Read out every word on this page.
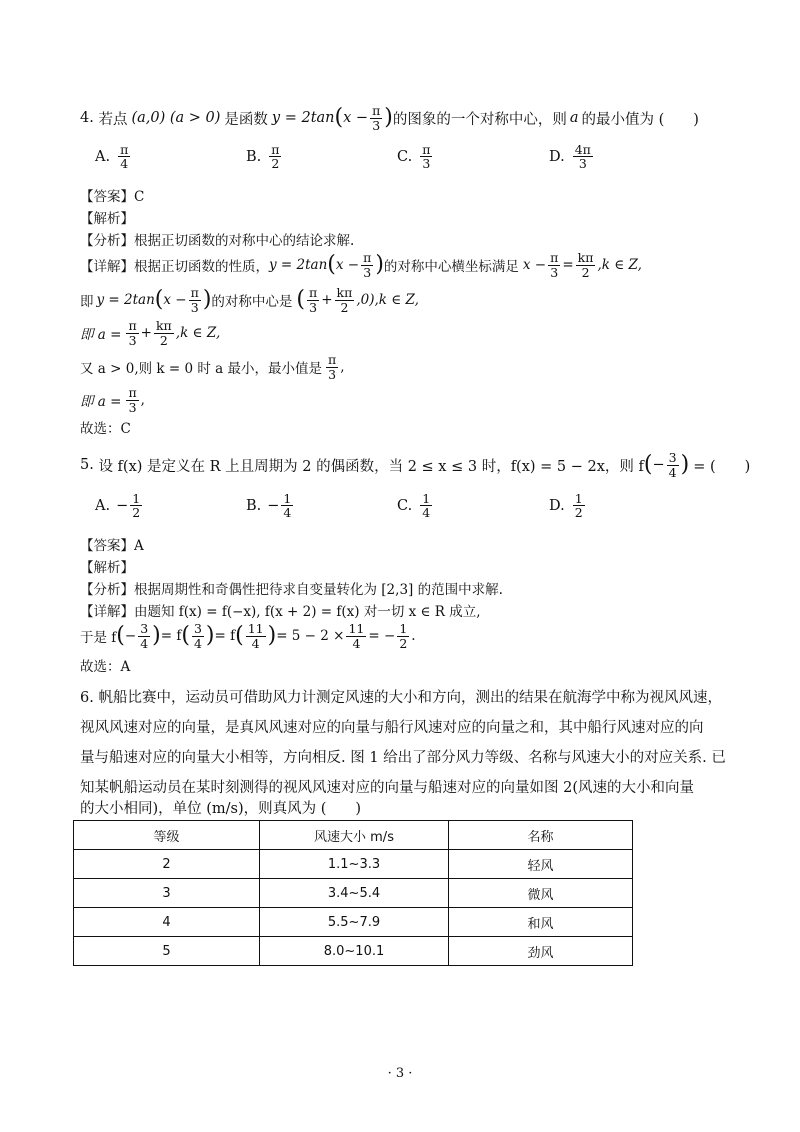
4.
若点 (a,0) (a > 0) 是函数 y = 2tan ( $x - \frac{\pi}{3}$ ) 的图象的一个对称中心，则 a 的最小值为 (　　)
A. $\frac{\pi}{4}$	B. $\frac{\pi}{2}$	C. $\frac{\pi}{3}$	D. $\frac{4\pi}{3}$
【答案】C
【解析】
【分析】根据正切函数的对称中心的结论求解.
【详解】根据正切函数的性质， y = 2tan ( $x - \frac{\pi}{3}$ ) 的对称中心横坐标满足 $x - \frac{\pi}{3} = \frac{k\pi}{2} ,k$ ∈ Z,
即 y = 2tan ( $x - \frac{\pi}{3}$ ) 的对称中心是 ( $\frac{\pi}{3} + \frac{k\pi}{2} ,0),k$ ∈ Z,
即 $a = \frac{\pi}{3} + \frac{k\pi}{2} ,k$ ∈ Z,
又 a > 0,则 k = 0 时 a 最小，最小值是 $\frac{\pi}{3}$ ,
即 $a = \frac{\pi}{3}$ ,
故选：C
5.
设 f(x) 是定义在 R 上且周期为 2 的偶函数，当 2 ≤ x ≤ 3 时，f(x) = 5 − 2x，则 f ( − $\frac{3}{4}$ ) = (　　)
A. − $\frac{1}{2}$	B. − $\frac{1}{4}$	C. $\frac{1}{4}$	D. $\frac{1}{2}$
【答案】A
【解析】
【分析】根据周期性和奇偶性把待求自变量转化为 [2,3] 的范围中求解.
【详解】由题知 f(x) = f(−x), f(x + 2) = f(x) 对一切 x ∈ R 成立,
于是 f ( − $\frac{3}{4}$ ) = f ( $\frac{3}{4}$ ) = f ( $\frac{11}{4}$ ) = $5 - 2 \times \frac{11}{4}$ = − $\frac{1}{2}$ .
故选：A
6. 帆船比赛中，运动员可借助风力计测定风速的大小和方向，测出的结果在航海学中称为视风风速，
视风风速对应的向量，是真风风速对应的向量与船行风速对应的向量之和，其中船行风速对应的向
量与船速对应的向量大小相等，方向相反. 图 1 给出了部分风力等级、名称与风速大小的对应关系. 已
知某帆船运动员在某时刻测得的视风风速对应的向量与船速对应的向量如图 2(风速的大小和向量
的大小相同)，单位 (m/s)，则真风为 (　　)
等级	风速大小 m/s	名称
2	1.1~3.3	轻风
3	3.4~5.4	微风
4	5.5~7.9	和风
5	8.0~10.1	劲风
· 3 ·
